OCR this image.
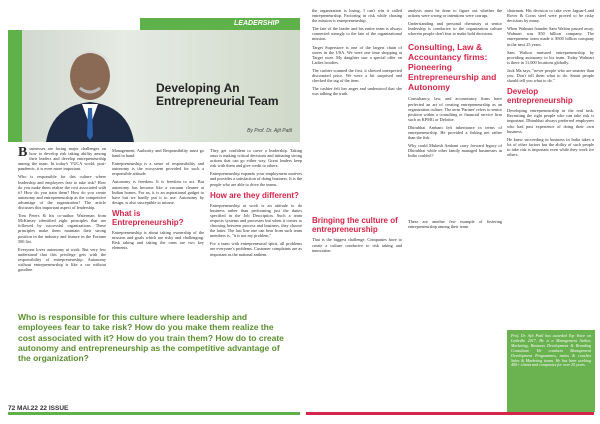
LEADERSHIP
Developing An Entrepreneurial Team
By Prof. Dr. Ajit Patil

Businesses are facing major challenges on how to develop risk taking ability among their leaders and develop entrepreneurship among the team. In today's VUCA world, post-pandemic, it is even more important.

Who is responsible for this culture where leadership and employees fear to take risk? How do you make them realize the cost associated with it? How do you train them? How do you create autonomy and entrepreneurship as the competitive advantage of the organization? The article discusses this important aspect of leadership.

Tom Peters & his co-author Waterman from McKinsey identified eight principles that are followed by successful organizations. These principles make them maintain their strong position in the industry and feature in the Fortune 500 list.

Everyone loves autonomy at work. But very few understand that this privilege gets with the responsibility of entrepreneurship. Autonomy without entrepreneurship is like a car without gasoline.

Management, Authority and Responsibility must go hand in hand.

Entrepreneurship is a sense of responsibility and autonomy is the ecosystem provided for such a responsible attitude.

Autonomy is freedom. It is freedom to act. But autonomy has become like a vacuum cleaner at Indian homes. For us, it is an aspirational gadget to have but we hardly put it to use. Autonomy by design, is also susceptible to misuse.

What is Entrepreneurship?

Entrepreneurship is about taking ownership of the mission and goals which are risky and challenging. Risk taking and taking the onus are two key elements.

They get confident to carve a leadership. Taking onus is making critical decisions and initiating strong actions that can go either way. Great leaders keep risk with them and give credit to others.

Entrepreneurship expands your employment motives and provides a satisfaction of doing business. It is the people who are able to drive the teams.

How are they different?

Entrepreneurship at work is an attitude to do business rather than performing just the duties specified in the Job Description. Such a team respects systems and processes but when it comes to choosing between process and business, they choose the latter. The last line one can hear from such team members is, "it is not my problem."

For a team with entrepreneurial spirit, all problems are everyone's problems. Customer complaints are as important as the national anthem.

Who is responsible for this culture where leadership and employees fear to take risk? How do you make them realize the cost associated with it? How do you train them? How do to create autonomy and entrepreneurship as the competitive advantage of the organization?

the organization is losing, I can't win it called entrepreneurship. Factoring in risk while chasing the mission is entrepreneurship.

The fate of the leader and his entire team is always connected strongly to the fate of the organizational mission.

Target Superstore is one of the largest chain of stores in the USA. We were one time shopping at Target store. My daughter saw a special offer on Ladies hoodies.

The cashier scanned the first, it showed unexpected discounted price. We were a bit surprised and checked the tag of the item.

The cashier felt her anger and understood that she was talking the truth.

Bringing the culture of entrepreneurship

That is the biggest challenge. Companies have to create a culture conducive to risk taking and innovation.

analysis must be done to figure out whether the actions were wrong or intentions were corrupt.

Understanding and personal chemistry at senior leadership is conducive to the organization culture wherein people don't fear to make bold decisions.

Consulting, Law & Accountancy firms: Pioneering Entrepreneurship and Autonomy

Consultancy, law, and accountancy firms have perfected an art of creating entrepreneurship as an organization culture. The term 'Partner' refers to senior position within a consulting or financial service firm such as KPMG or Deloitte.

Dhirubhai Ambani left inheritance in terms of entrepreneurship. He provided a fishing net rather than the fish.

Why could Mukesh Ambani carry forward legacy of Dhirubhai while other family managed businesses in India couldn't?

These are another few example of fostering entrepreneurship among their team.

chairman. His decision to take over Jaguar-Land Rover & Corus steel were proved to be risky decisions by many.

When Walmart founder Sam Walton passed away, Walmart was $50 billion company. The entrepreneur team made it $500 billion company in the next 25 years.

Sam Walton nurtured entrepreneurship by providing autonomy to his team. Today Walmart is there in 11,000 locations globally.

Jack Ma says, "never people who are smarter than you. Don't tell them what to do. Smart people should tell you what to do."

Develop entrepreneurship

Developing entrepreneurship in the real task. Recruiting the right people who can take risk is important. Dhirubhai always preferred employees who had past experience of doing their own business.

He knew succeeding in business in India takes a lot of other factors but the ability of such people to take risk is important even while they work for others.

Prof. Dr. Ajit Patil has awarded Top Voice on LinkedIn 2017, He is a Management Author, Marketing, Business Development & Branding Consultant. He conducts Management Development Programmes, trains & coaches Sales & Marketing teams. He has been working 400+ clients and companies for over 25 years.
72 MAI.22 22 ISSUE
